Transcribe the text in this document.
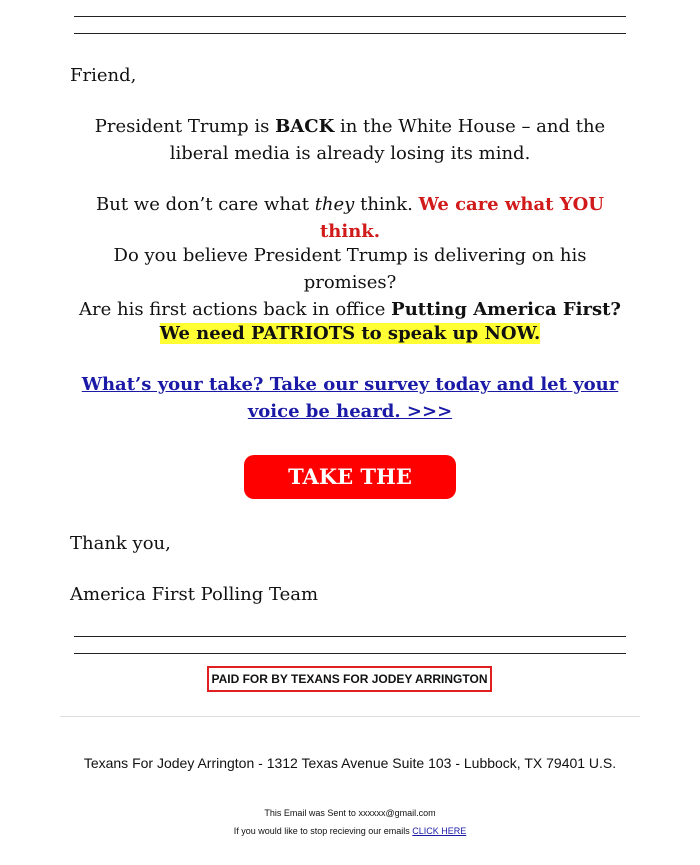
Friend,
President Trump is BACK in the White House – and the liberal media is already losing its mind.
But we don’t care what they think. We care what YOU think.
Do you believe President Trump is delivering on his promises?
Are his first actions back in office Putting America First?
We need PATRIOTS to speak up NOW.
What’s your take? Take our survey today and let your voice be heard. >>>
TAKE THE SURVEY
Thank you,
America First Polling Team
PAID FOR BY TEXANS FOR JODEY ARRINGTON
Texans For Jodey Arrington - 1312 Texas Avenue Suite 103 - Lubbock, TX 79401 U.S.
This Email was Sent to xxxxxx@gmail.com
If you would like to stop recieving our emails CLICK HERE
